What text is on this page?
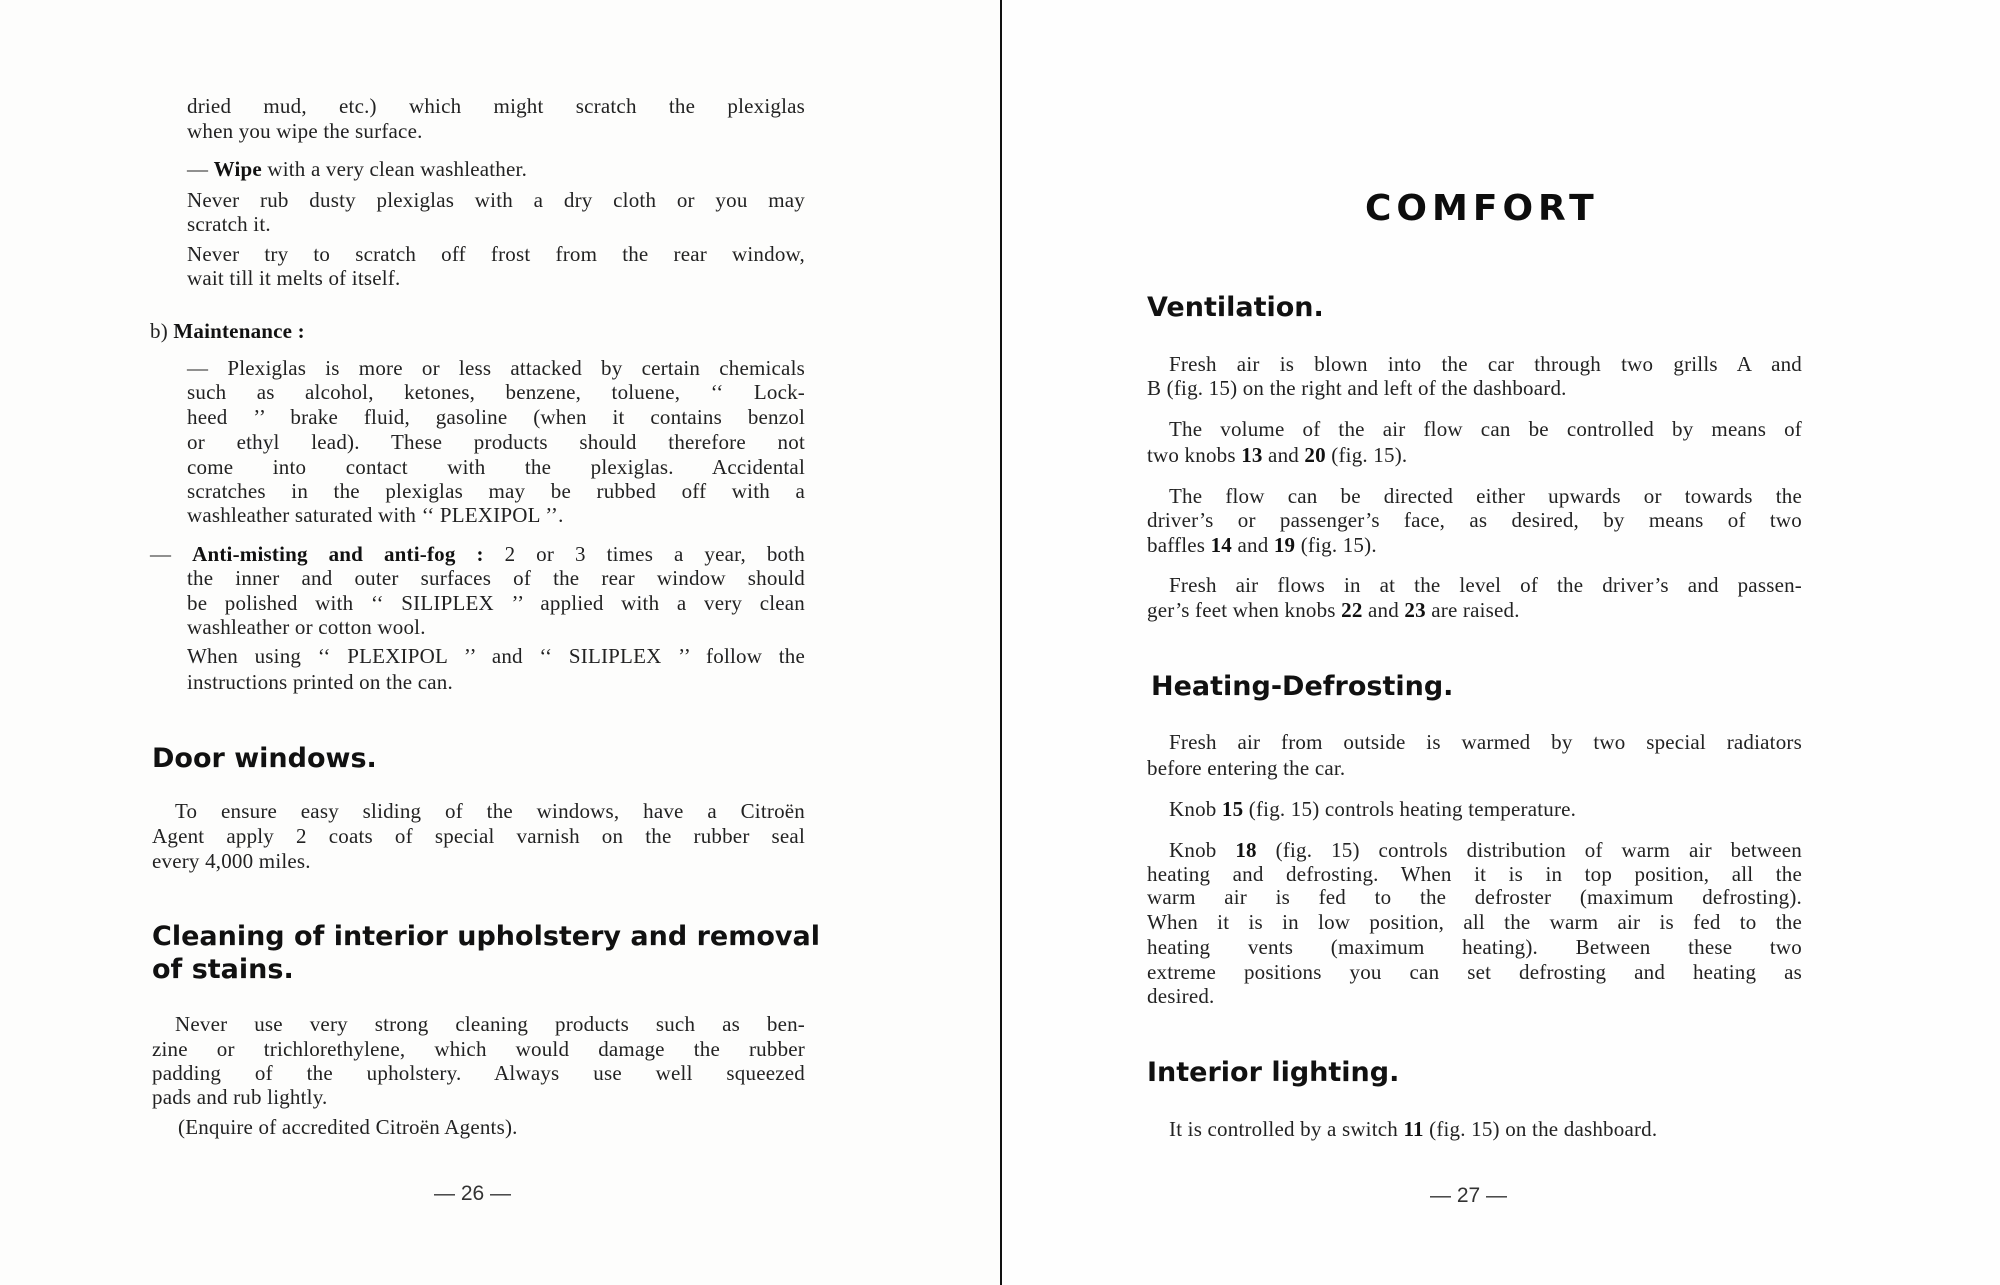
dried mud, etc.) which might scratch the plexiglas
when you wipe the surface.
— Wipe with a very clean washleather.
Never rub dusty plexiglas with a dry cloth or you may
scratch it.
Never try to scratch off frost from the rear window,
wait till it melts of itself.
b) Maintenance :
— Plexiglas is more or less attacked by certain chemicals
such as alcohol, ketones, benzene, toluene, ‘‘ Lock-
heed ’’ brake fluid, gasoline (when it contains benzol
or ethyl lead). These products should therefore not
come into contact with the plexiglas. Accidental
scratches in the plexiglas may be rubbed off with a
washleather saturated with ‘‘ PLEXIPOL ’’.
— Anti-misting and anti-fog : 2 or 3 times a year, both
the inner and outer surfaces of the rear window should
be polished with ‘‘ SILIPLEX ’’ applied with a very clean
washleather or cotton wool.
When using ‘‘ PLEXIPOL ’’ and ‘‘ SILIPLEX ’’ follow the
instructions printed on the can.
Door windows.
To ensure easy sliding of the windows, have a Citroën
Agent apply 2 coats of special varnish on the rubber seal
every 4,000 miles.
Cleaning of interior upholstery and removal
of stains.
Never use very strong cleaning products such as ben-
zine or trichlorethylene, which would damage the rubber
padding of the upholstery. Always use well squeezed
pads and rub lightly.
(Enquire of accredited Citroën Agents).
— 26 —
COMFORT
Ventilation.
Fresh air is blown into the car through two grills A and
B (fig. 15) on the right and left of the dashboard.
The volume of the air flow can be controlled by means of
two knobs 13 and 20 (fig. 15).
The flow can be directed either upwards or towards the
driver’s or passenger’s face, as desired, by means of two
baffles 14 and 19 (fig. 15).
Fresh air flows in at the level of the driver’s and passen-
ger’s feet when knobs 22 and 23 are raised.
Heating-Defrosting.
Fresh air from outside is warmed by two special radiators
before entering the car.
Knob 15 (fig. 15) controls heating temperature.
Knob 18 (fig. 15) controls distribution of warm air between
heating and defrosting. When it is in top position, all the
warm air is fed to the defroster (maximum defrosting).
When it is in low position, all the warm air is fed to the
heating vents (maximum heating). Between these two
extreme positions you can set defrosting and heating as
desired.
Interior lighting.
It is controlled by a switch 11 (fig. 15) on the dashboard.
— 27 —
